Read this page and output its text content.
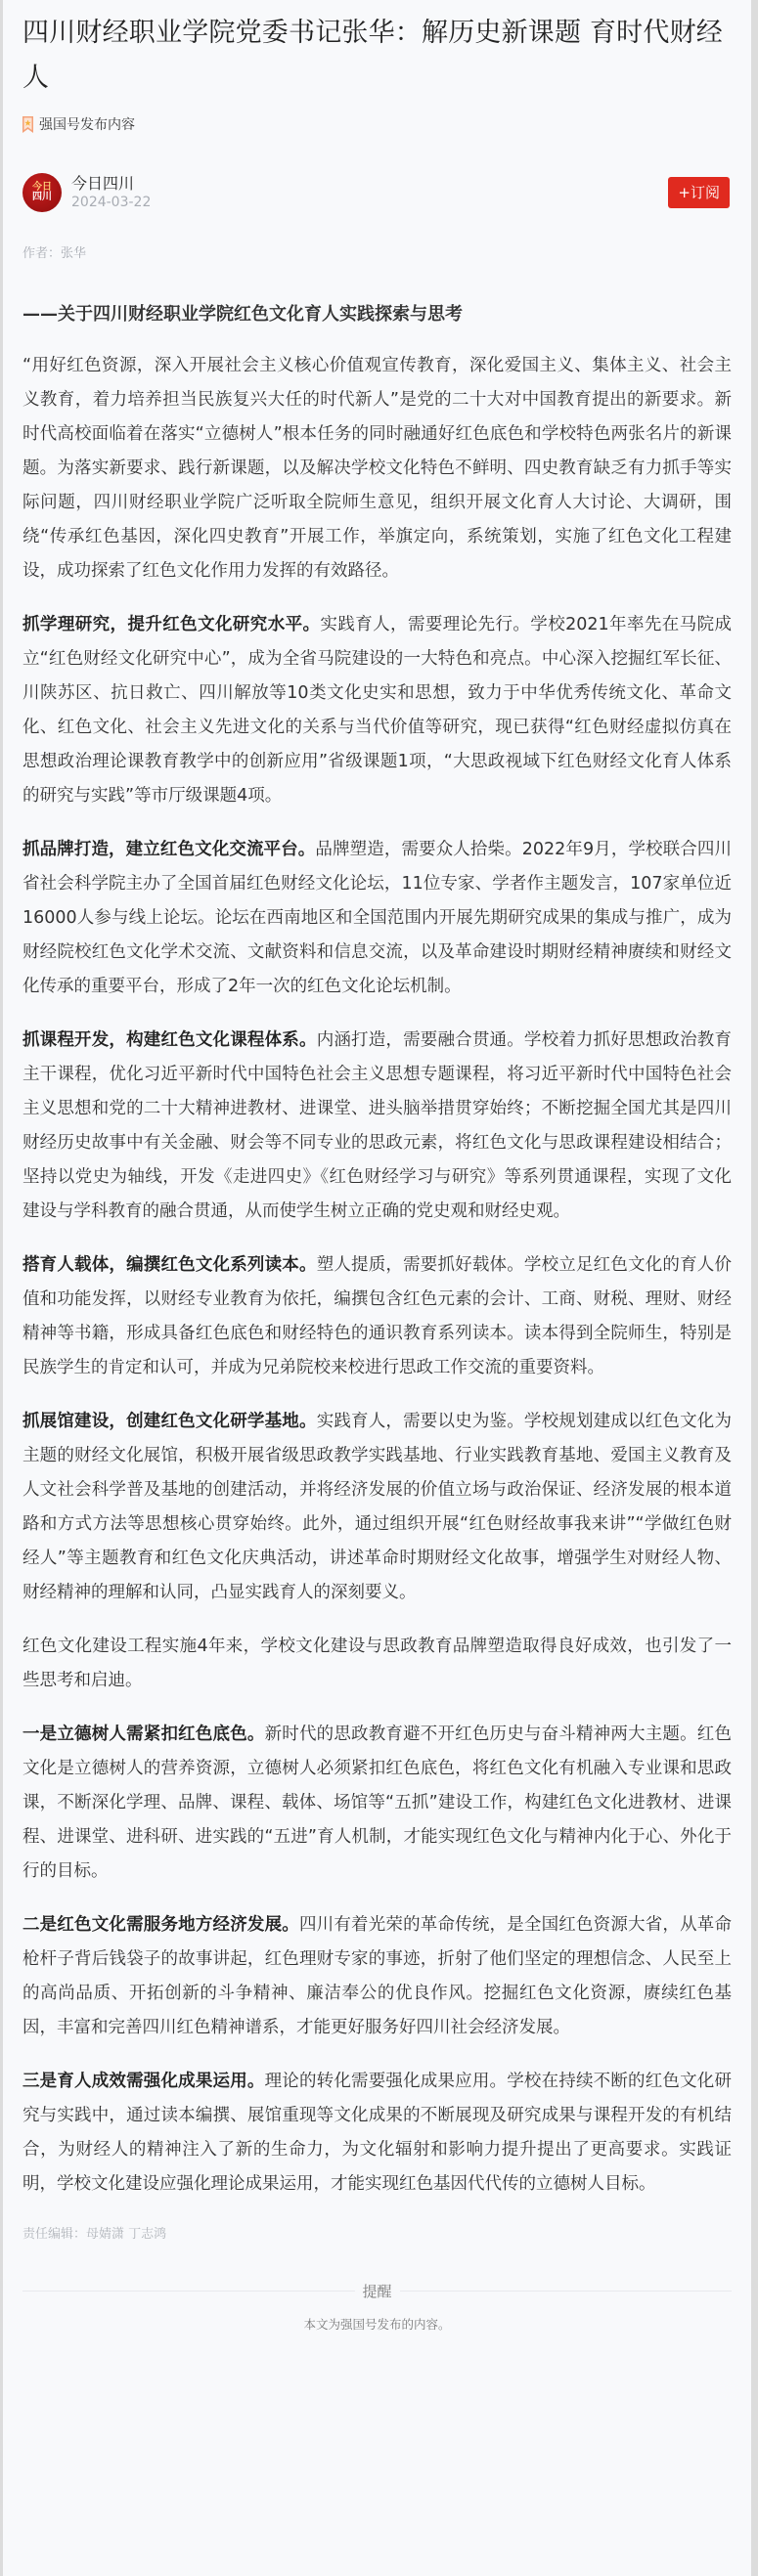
四川财经职业学院党委书记张华：解历史新课题 育时代财经人
强国号发布内容
今日
四川
今日四川
2024-03-22
+订阅
作者：张华
——关于四川财经职业学院红色文化育人实践探索与思考

“用好红色资源，深入开展社会主义核心价值观宣传教育，深化爱国主义、集体主义、社会主义教育，着力培养担当民族复兴大任的时代新人”是党的二十大对中国教育提出的新要求。新时代高校面临着在落实“立德树人”根本任务的同时融通好红色底色和学校特色两张名片的新课题。为落实新要求、践行新课题，以及解决学校文化特色不鲜明、四史教育缺乏有力抓手等实际问题，四川财经职业学院广泛听取全院师生意见，组织开展文化育人大讨论、大调研，围绕“传承红色基因，深化四史教育”开展工作，举旗定向，系统策划，实施了红色文化工程建设，成功探索了红色文化作用力发挥的有效路径。

抓学理研究，提升红色文化研究水平。实践育人，需要理论先行。学校2021年率先在马院成立“红色财经文化研究中心”，成为全省马院建设的一大特色和亮点。中心深入挖掘红军长征、川陕苏区、抗日救亡、四川解放等10类文化史实和思想，致力于中华优秀传统文化、革命文化、红色文化、社会主义先进文化的关系与当代价值等研究，现已获得“红色财经虚拟仿真在思想政治理论课教育教学中的创新应用”省级课题1项，“大思政视域下红色财经文化育人体系的研究与实践”等市厅级课题4项。

抓品牌打造，建立红色文化交流平台。品牌塑造，需要众人拾柴。2022年9月，学校联合四川省社会科学院主办了全国首届红色财经文化论坛，11位专家、学者作主题发言，107家单位近16000人参与线上论坛。论坛在西南地区和全国范围内开展先期研究成果的集成与推广，成为财经院校红色文化学术交流、文献资料和信息交流，以及革命建设时期财经精神赓续和财经文化传承的重要平台，形成了2年一次的红色文化论坛机制。

抓课程开发，构建红色文化课程体系。内涵打造，需要融合贯通。学校着力抓好思想政治教育主干课程，优化习近平新时代中国特色社会主义思想专题课程，将习近平新时代中国特色社会主义思想和党的二十大精神进教材、进课堂、进头脑举措贯穿始终；不断挖掘全国尤其是四川财经历史故事中有关金融、财会等不同专业的思政元素，将红色文化与思政课程建设相结合；坚持以党史为轴线，开发《走进四史》《红色财经学习与研究》等系列贯通课程，实现了文化建设与学科教育的融合贯通，从而使学生树立正确的党史观和财经史观。

搭育人载体，编撰红色文化系列读本。塑人提质，需要抓好载体。学校立足红色文化的育人价值和功能发挥，以财经专业教育为依托，编撰包含红色元素的会计、工商、财税、理财、财经精神等书籍，形成具备红色底色和财经特色的通识教育系列读本。读本得到全院师生，特别是民族学生的肯定和认可，并成为兄弟院校来校进行思政工作交流的重要资料。

抓展馆建设，创建红色文化研学基地。实践育人，需要以史为鉴。学校规划建成以红色文化为主题的财经文化展馆，积极开展省级思政教学实践基地、行业实践教育基地、爱国主义教育及人文社会科学普及基地的创建活动，并将经济发展的价值立场与政治保证、经济发展的根本道路和方式方法等思想核心贯穿始终。此外，通过组织开展“红色财经故事我来讲”“学做红色财经人”等主题教育和红色文化庆典活动，讲述革命时期财经文化故事，增强学生对财经人物、财经精神的理解和认同，凸显实践育人的深刻要义。

红色文化建设工程实施4年来，学校文化建设与思政教育品牌塑造取得良好成效，也引发了一些思考和启迪。

一是立德树人需紧扣红色底色。新时代的思政教育避不开红色历史与奋斗精神两大主题。红色文化是立德树人的营养资源，立德树人必须紧扣红色底色，将红色文化有机融入专业课和思政课，不断深化学理、品牌、课程、载体、场馆等“五抓”建设工作，构建红色文化进教材、进课程、进课堂、进科研、进实践的“五进”育人机制，才能实现红色文化与精神内化于心、外化于行的目标。

二是红色文化需服务地方经济发展。四川有着光荣的革命传统，是全国红色资源大省，从革命枪杆子背后钱袋子的故事讲起，红色理财专家的事迹，折射了他们坚定的理想信念、人民至上的高尚品质、开拓创新的斗争精神、廉洁奉公的优良作风。挖掘红色文化资源，赓续红色基因，丰富和完善四川红色精神谱系，才能更好服务好四川社会经济发展。

三是育人成效需强化成果运用。理论的转化需要强化成果应用。学校在持续不断的红色文化研究与实践中，通过读本编撰、展馆重现等文化成果的不断展现及研究成果与课程开发的有机结合，为财经人的精神注入了新的生命力，为文化辐射和影响力提升提出了更高要求。实践证明，学校文化建设应强化理论成果运用，才能实现红色基因代代传的立德树人目标。

责任编辑：母婧潇 丁志鸿
提醒
本文为强国号发布的内容。
